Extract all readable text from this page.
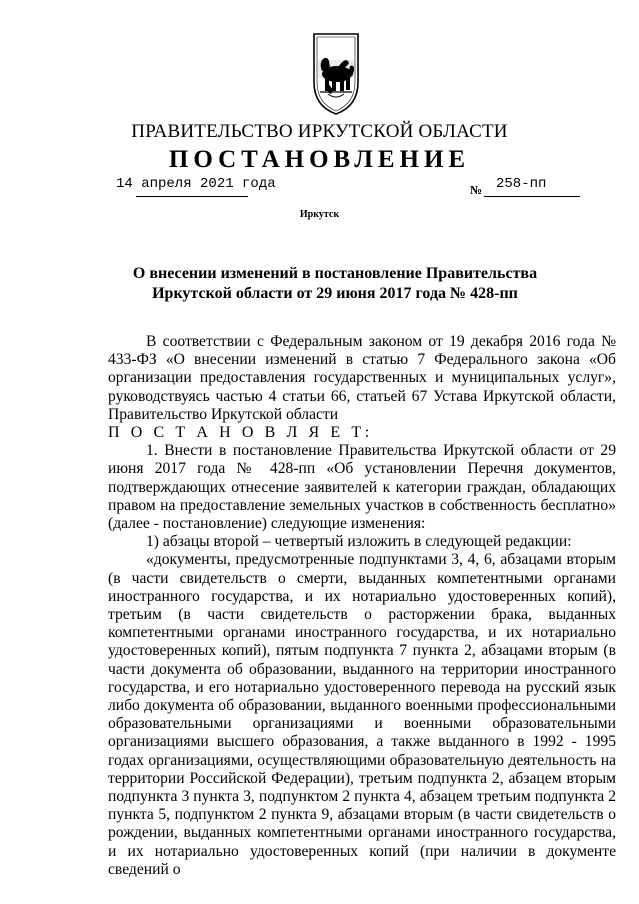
ПРАВИТЕЛЬСТВО ИРКУТСКОЙ ОБЛАСТИ
ПОСТАНОВЛЕНИЕ
14 апреля 2021 года	№ 258-пп
Иркутск
О внесении изменений в постановление Правительства Иркутской области от 29 июня 2017 года № 428-пп

В соответствии с Федеральным законом от 19 декабря 2016 года № 433-ФЗ «О внесении изменений в статью 7 Федерального закона «Об организации предоставления государственных и муниципальных услуг», руководствуясь частью 4 статьи 66, статьей 67 Устава Иркутской области, Правительство Иркутской области

П О С Т А Н О В Л Я Е Т:

1. Внести в постановление Правительства Иркутской области от 29 июня 2017 года № 428-пп «Об установлении Перечня документов, подтверждающих отнесение заявителей к категории граждан, обладающих правом на предоставление земельных участков в собственность бесплатно» (далее - постановление) следующие изменения:

1) абзацы второй – четвертый изложить в следующей редакции:

«документы, предусмотренные подпунктами 3, 4, 6, абзацами вторым (в части свидетельств о смерти, выданных компетентными органами иностранного государства, и их нотариально удостоверенных копий), третьим (в части свидетельств о расторжении брака, выданных компетентными органами иностранного государства, и их нотариально удостоверенных копий), пятым подпункта 7 пункта 2, абзацами вторым (в части документа об образовании, выданного на территории иностранного государства, и его нотариально удостоверенного перевода на русский язык либо документа об образовании, выданного военными профессиональными образовательными организациями и военными образовательными организациями высшего образования, а также выданного в 1992 - 1995 годах организациями, осуществляющими образовательную деятельность на территории Российской Федерации), третьим подпункта 2, абзацем вторым подпункта 3 пункта 3, подпунктом 2 пункта 4, абзацем третьим подпункта 2 пункта 5, подпунктом 2 пункта 9, абзацами вторым (в части свидетельств о рождении, выданных компетентными органами иностранного государства, и их нотариально удостоверенных копий (при наличии в документе сведений о
